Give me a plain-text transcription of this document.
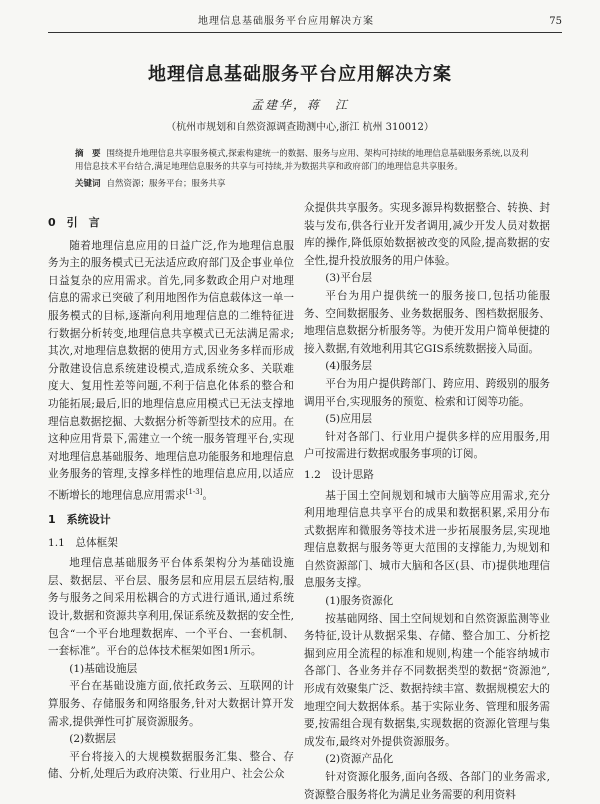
地理信息基础服务平台应用解决方案	75
地理信息基础服务平台应用解决方案
孟建华，蒋　江
（杭州市规划和自然资源调查勘测中心,浙江 杭州 310012）
摘　要 围绕提升地理信息共享服务模式,探索构建统一的数据、服务与应用、架构可持续的地理信息基础服务系统,以及利用信息技术平台结合,满足地理信息服务的共享与可持续,并为数据共享和政府部门的地理信息共享服务。
关键词 自然资源；服务平台；服务共享
0　引　言

随着地理信息应用的日益广泛,作为地理信息服务为主的服务模式已无法适应政府部门及企事业单位日益复杂的应用需求。首先,同多数政企用户对地理信息的需求已突破了利用地图作为信息载体这一单一服务模式的目标,逐渐向利用地理信息的二维特征进行数据分析转变,地理信息共享模式已无法满足需求;其次,对地理信息数据的使用方式,因业务多样而形成分散建设信息系统建设模式,造成系统众多、关联难度大、复用性差等问题,不利于信息化体系的整合和功能拓展;最后,旧的地理信息应用模式已无法支撑地理信息数据挖掘、大数据分析等新型技术的应用。在这种应用背景下,需建立一个统一服务管理平台,实现对地理信息基础服务、地理信息功能服务和地理信息业务服务的管理,支撑多样性的地理信息应用,以适应不断增长的地理信息应用需求[1-3]。

1　系统设计
1.1　总体框架

地理信息基础服务平台体系架构分为基础设施层、数据层、平台层、服务层和应用层五层结构,服务与服务之间采用松耦合的方式进行通讯,通过系统设计,数据和资源共享利用,保证系统及数据的安全性,包含“一个平台地理数据库、一个平台、一套机制、一套标准”。平台的总体技术框架如图1所示。

(1)基础设施层

平台在基础设施方面,依托政务云、互联网的计算服务、存储服务和网络服务,针对大数据计算开发需求,提供弹性可扩展资源服务。

(2)数据层

平台将接入的大规模数据服务汇集、整合、存储、分析,处理后为政府决策、行业用户、社会公众

众提供共享服务。实现多源异构数据整合、转换、封装与发布,供各行业开发者调用,减少开发人员对数据库的操作,降低原始数据被改变的风险,提高数据的安全性,提升投放服务的用户体验。

(3)平台层

平台为用户提供统一的服务接口,包括功能服务、空间数据服务、业务数据服务、图档数据服务、地理信息数据分析服务等。为使开发用户简单便捷的接入数据,有效地利用其它GIS系统数据接入局面。

(4)服务层

平台为用户提供跨部门、跨应用、跨级别的服务调用平台,实现服务的预览、检索和订阅等功能。

(5)应用层

针对各部门、行业用户提供多样的应用服务,用户可按需进行数据或服务事项的订阅。

1.2　设计思路

基于国土空间规划和城市大脑等应用需求,充分利用地理信息共享平台的成果和数据积累,采用分布式数据库和微服务等技术进一步拓展服务层,实现地理信息数据与服务等更大范围的支撑能力,为规划和自然资源部门、城市大脑和各区(县、市)提供地理信息服务支撑。

(1)服务资源化

按基础网络、国土空间规划和自然资源监测等业务特征,设计从数据采集、存储、整合加工、分析挖掘到应用全流程的标准和规则,构建一个能容纳城市各部门、各业务并存不同数据类型的数据“资源池”,形成有效聚集广泛、数据持续丰富、数据规模宏大的地理空间大数据体系。基于实际业务、管理和服务需要,按需组合现有数据集,实现数据的资源化管理与集成发布,最终对外提供资源服务。

(2)资源产品化

针对资源化服务,面向各级、各部门的业务需求,资源整合服务将化为满足业务需要的利用资料
